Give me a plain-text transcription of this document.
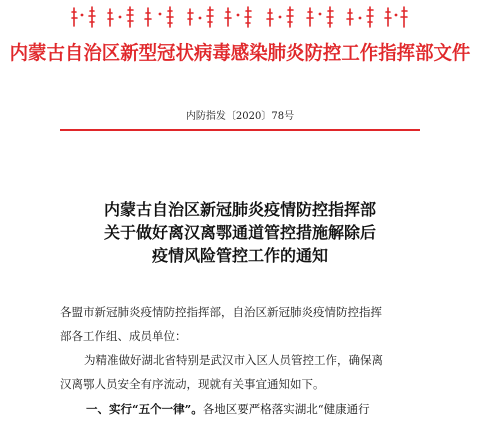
内蒙古自治区新型冠状病毒感染肺炎防控工作指挥部文件
内防指发〔2020〕78号
内蒙古自治区新冠肺炎疫情防控指挥部
关于做好离汉离鄂通道管控措施解除后
疫情风险管控工作的通知
各盟市新冠肺炎疫情防控指挥部，自治区新冠肺炎疫情防控指挥
部各工作组、成员单位：
为精准做好湖北省特别是武汉市入区人员管控工作，确保离
汉离鄂人员安全有序流动，现就有关事宜通知如下。
一、实行“五个一律”。各地区要严格落实湖北“健康通行
